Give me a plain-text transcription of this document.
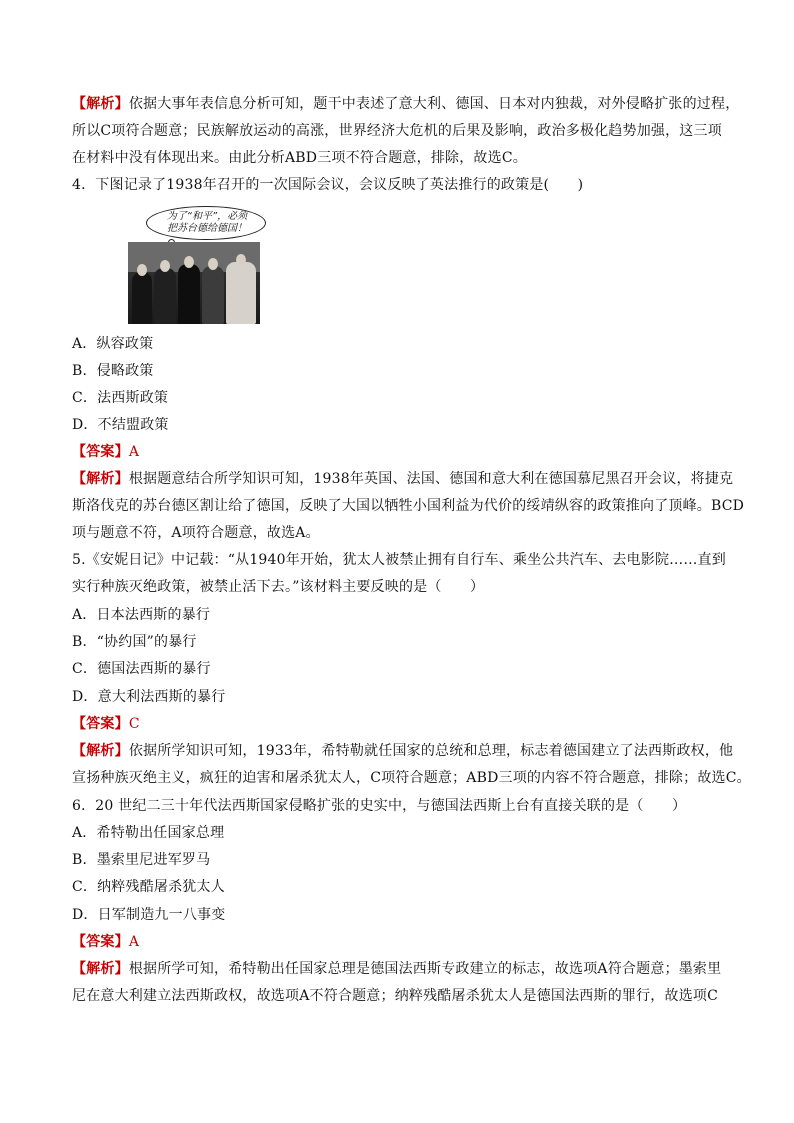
【解析】依据大事年表信息分析可知，题干中表述了意大利、德国、日本对内独裁，对外侵略扩张的过程，
所以C项符合题意；民族解放运动的高涨，世界经济大危机的后果及影响，政治多极化趋势加强，这三项
在材料中没有体现出来。由此分析ABD三项不符合题意，排除，故选C。
4．下图记录了1938年召开的一次国际会议，会议反映了英法推行的政策是(　　)
为了“和平”，必须
把苏台德给德国！
A．纵容政策
B．侵略政策
C．法西斯政策
D．不结盟政策
【答案】A
【解析】根据题意结合所学知识可知，1938年英国、法国、德国和意大利在德国慕尼黑召开会议，将捷克
斯洛伐克的苏台德区割让给了德国，反映了大国以牺牲小国利益为代价的绥靖纵容的政策推向了顶峰。BCD
项与题意不符，A项符合题意，故选A。
5.《安妮日记》中记载：“从1940年开始，犹太人被禁止拥有自行车、乘坐公共汽车、去电影院……直到
实行种族灭绝政策，被禁止活下去。”该材料主要反映的是（　　）
A．日本法西斯的暴行
B．“协约国”的暴行
C．德国法西斯的暴行
D．意大利法西斯的暴行
【答案】C
【解析】依据所学知识可知，1933年，希特勒就任国家的总统和总理，标志着德国建立了法西斯政权，他
宣扬种族灭绝主义，疯狂的迫害和屠杀犹太人，C项符合题意；ABD三项的内容不符合题意，排除；故选C。
6．20 世纪二三十年代法西斯国家侵略扩张的史实中，与德国法西斯上台有直接关联的是（　　）
A．希特勒出任国家总理
B．墨索里尼进军罗马
C．纳粹残酷屠杀犹太人
D．日军制造九一八事变
【答案】A
【解析】根据所学可知，希特勒出任国家总理是德国法西斯专政建立的标志，故选项A符合题意；墨索里
尼在意大利建立法西斯政权，故选项A不符合题意；纳粹残酷屠杀犹太人是德国法西斯的罪行，故选项C
